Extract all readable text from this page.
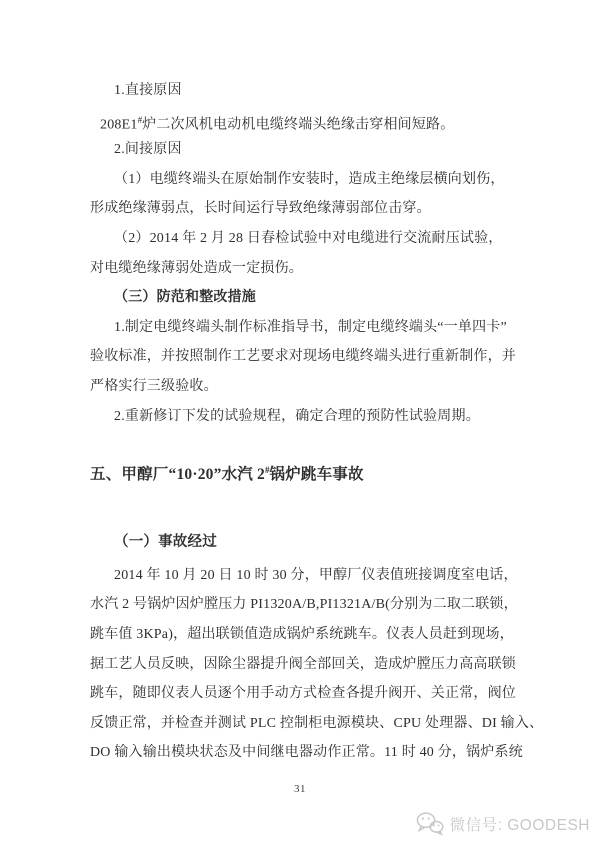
1.直接原因
208E1#炉二次风机电动机电缆终端头绝缘击穿相间短路。
2.间接原因
（1）电缆终端头在原始制作安装时，造成主绝缘层横向划伤，
形成绝缘薄弱点，长时间运行导致绝缘薄弱部位击穿。
（2）2014 年 2 月 28 日春检试验中对电缆进行交流耐压试验，
对电缆绝缘薄弱处造成一定损伤。
（三）防范和整改措施
1.制定电缆终端头制作标准指导书，制定电缆终端头“一单四卡”
验收标准，并按照制作工艺要求对现场电缆终端头进行重新制作，并
严格实行三级验收。
2.重新修订下发的试验规程，确定合理的预防性试验周期。
五、甲醇厂“10·20”水汽 2#锅炉跳车事故
（一）事故经过
2014 年 10 月 20 日 10 时 30 分，甲醇厂仪表值班接调度室电话，
水汽 2 号锅炉因炉膛压力 PI1320A/B,PI1321A/B(分别为二取二联锁，
跳车值 3KPa)，超出联锁值造成锅炉系统跳车。仪表人员赶到现场，
据工艺人员反映，因除尘器提升阀全部回关，造成炉膛压力高高联锁
跳车，随即仪表人员逐个用手动方式检查各提升阀开、关正常，阀位
反馈正常，并检查并测试 PLC 控制柜电源模块、CPU 处理器、DI 输入、
DO 输入输出模块状态及中间继电器动作正常。11 时 40 分，锅炉系统
31
微信号: GOODESH
